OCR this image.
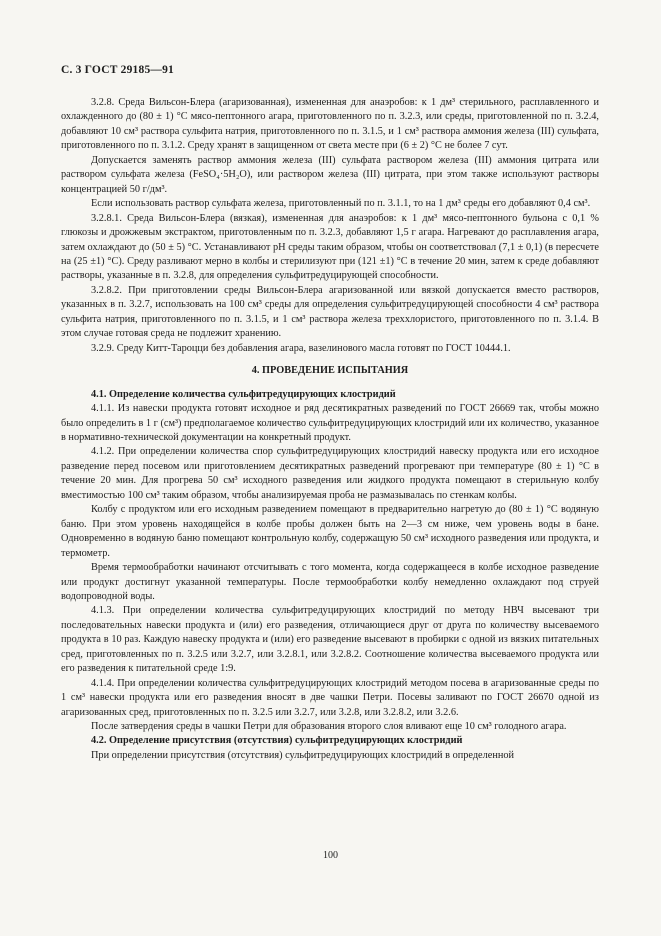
С. 3 ГОСТ 29185—91

3.2.8. Среда Вильсон-Блера (агаризованная), измененная для анаэробов: к 1 дм³ стерильного, расплавленного и охлажденного до (80 ± 1) °С мясо-пептонного агара, приготовленного по п. 3.2.3, или среды, приготовленной по п. 3.2.4, добавляют 10 см³ раствора сульфита натрия, приготовленного по п. 3.1.5, и 1 см³ раствора аммония железа (III) сульфата, приготовленного по п. 3.1.2. Среду хранят в защищенном от света месте при (6 ± 2) °С не более 7 сут.

Допускается заменять раствор аммония железа (III) сульфата раствором железа (III) аммония цитрата или раствором сульфата железа (FeSO₄·5H₂O), или раствором железа (III) цитрата, при этом также используют растворы концентрацией 50 г/дм³.

Если использовать раствор сульфата железа, приготовленный по п. 3.1.1, то на 1 дм³ среды его добавляют 0,4 см³.

3.2.8.1. Среда Вильсон-Блера (вязкая), измененная для анаэробов: к 1 дм³ мясо-пептонного бульона с 0,1 % глюкозы и дрожжевым экстрактом, приготовленным по п. 3.2.3, добавляют 1,5 г агара. Нагревают до расплавления агара, затем охлаждают до (50 ± 5) °С. Устанавливают pH среды таким образом, чтобы он соответствовал (7,1 ± 0,1) (в пересчете на (25 ±1) °С). Среду разливают мерно в колбы и стерилизуют при (121 ±1) °С в течение 20 мин, затем к среде добавляют растворы, указанные в п. 3.2.8, для определения сульфитредуцирующей способности.

3.2.8.2. При приготовлении среды Вильсон-Блера агаризованной или вязкой допускается вместо растворов, указанных в п. 3.2.7, использовать на 100 см³ среды для определения сульфитредуцирующей способности 4 см³ раствора сульфита натрия, приготовленного по п. 3.1.5, и 1 см³ раствора железа треххлористого, приготовленного по п. 3.1.4. В этом случае готовая среда не подлежит хранению.

3.2.9. Среду Китт-Тароцци без добавления агара, вазелинового масла готовят по ГОСТ 10444.1.

4. ПРОВЕДЕНИЕ ИСПЫТАНИЯ

4.1. Определение количества сульфитредуцирующих клостридий

4.1.1. Из навески продукта готовят исходное и ряд десятикратных разведений по ГОСТ 26669 так, чтобы можно было определить в 1 г (см³) предполагаемое количество сульфитредуцирующих клостридий или их количество, указанное в нормативно-технической документации на конкретный продукт.

4.1.2. При определении количества спор сульфитредуцирующих клостридий навеску продукта или его исходное разведение перед посевом или приготовлением десятикратных разведений прогревают при температуре (80 ± 1) °С в течение 20 мин. Для прогрева 50 см³ исходного разведения или жидкого продукта помещают в стерильную колбу вместимостью 100 см³ таким образом, чтобы анализируемая проба не размазывалась по стенкам колбы.

Колбу с продуктом или его исходным разведением помещают в предварительно нагретую до (80 ± 1) °С водяную баню. При этом уровень находящейся в колбе пробы должен быть на 2—3 см ниже, чем уровень воды в бане. Одновременно в водяную баню помещают контрольную колбу, содержащую 50 см³ исходного разведения или продукта, и термометр.

Время термообработки начинают отсчитывать с того момента, когда содержащееся в колбе исходное разведение или продукт достигнут указанной температуры. После термообработки колбу немедленно охлаждают под струей водопроводной воды.

4.1.3. При определении количества сульфитредуцирующих клостридий по методу НВЧ высевают три последовательных навески продукта и (или) его разведения, отличающиеся друг от друга по количеству высеваемого продукта в 10 раз. Каждую навеску продукта и (или) его разведение высевают в пробирки с одной из вязких питательных сред, приготовленных по п. 3.2.5 или 3.2.7, или 3.2.8.1, или 3.2.8.2. Соотношение количества высеваемого продукта или его разведения к питательной среде 1:9.

4.1.4. При определении количества сульфитредуцирующих клостридий методом посева в агаризованные среды по 1 см³ навески продукта или его разведения вносят в две чашки Петри. Посевы заливают по ГОСТ 26670 одной из агаризованных сред, приготовленных по п. 3.2.5 или 3.2.7, или 3.2.8, или 3.2.8.2, или 3.2.6.

После затвердения среды в чашки Петри для образования второго слоя вливают еще 10 см³ голодного агара.

4.2. Определение присутствия (отсутствия) сульфитредуцирующих клостридий

При определении присутствия (отсутствия) сульфитредуцирующих клостридий в определенной

100
